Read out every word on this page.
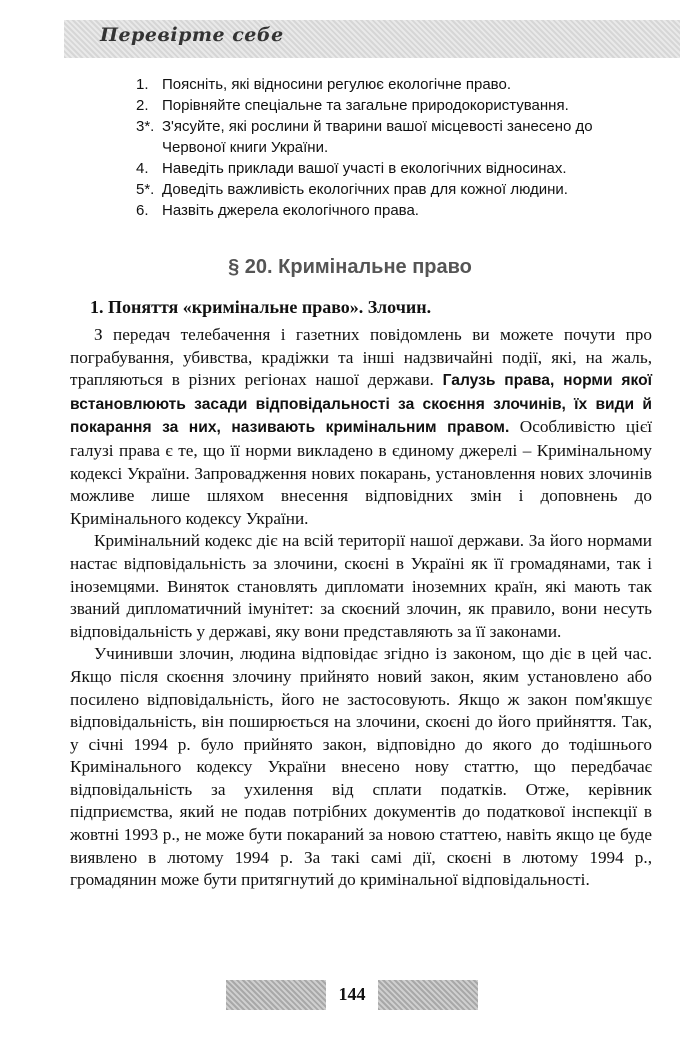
Перевірте себе
1. Поясніть, які відносини регулює екологічне право.
2. Порівняйте спеціальне та загальне природокористування.
3*. З'ясуйте, які рослини й тварини вашої місцевості занесено до Червоної книги України.
4. Наведіть приклади вашої участі в екологічних відносинах.
5*. Доведіть важливість екологічних прав для кожної людини.
6. Назвіть джерела екологічного права.
§ 20. Кримінальне право
1. Поняття «кримінальне право». Злочин.

З передач телебачення і газетних повідомлень ви можете почути про пограбування, убивства, крадіжки та інші надзвичайні події, які, на жаль, трапляються в різних регіонах нашої держави. Галузь права, норми якої встановлюють засади відповідальності за скоєння злочинів, їх види й покарання за них, називають кримінальним правом. Особливістю цієї галузі права є те, що її норми викладено в єдиному джерелі – Кримінальному кодексі України. Запровадження нових покарань, установлення нових злочинів можливе лише шляхом внесення відповідних змін і доповнень до Кримінального кодексу України.

Кримінальний кодекс діє на всій території нашої держави. За його нормами настає відповідальність за злочини, скоєні в Україні як її громадянами, так і іноземцями. Виняток становлять дипломати іноземних країн, які мають так званий дипломатичний імунітет: за скоєний злочин, як правило, вони несуть відповідальність у державі, яку вони представляють за її законами.

Учинивши злочин, людина відповідає згідно із законом, що діє в цей час. Якщо після скоєння злочину прийнято новий закон, яким установлено або посилено відповідальність, його не застосовують. Якщо ж закон пом'якшує відповідальність, він поширюється на злочини, скоєні до його прийняття. Так, у січні 1994 р. було прийнято закон, відповідно до якого до тодішнього Кримінального кодексу України внесено нову статтю, що передбачає відповідальність за ухилення від сплати податків. Отже, керівник підприємства, який не подав потрібних документів до податкової інспекції в жовтні 1993 р., не може бути покараний за новою статтею, навіть якщо це буде виявлено в лютому 1994 р. За такі самі дії, скоєні в лютому 1994 р., громадянин може бути притягнутий до кримінальної відповідальності.

144
